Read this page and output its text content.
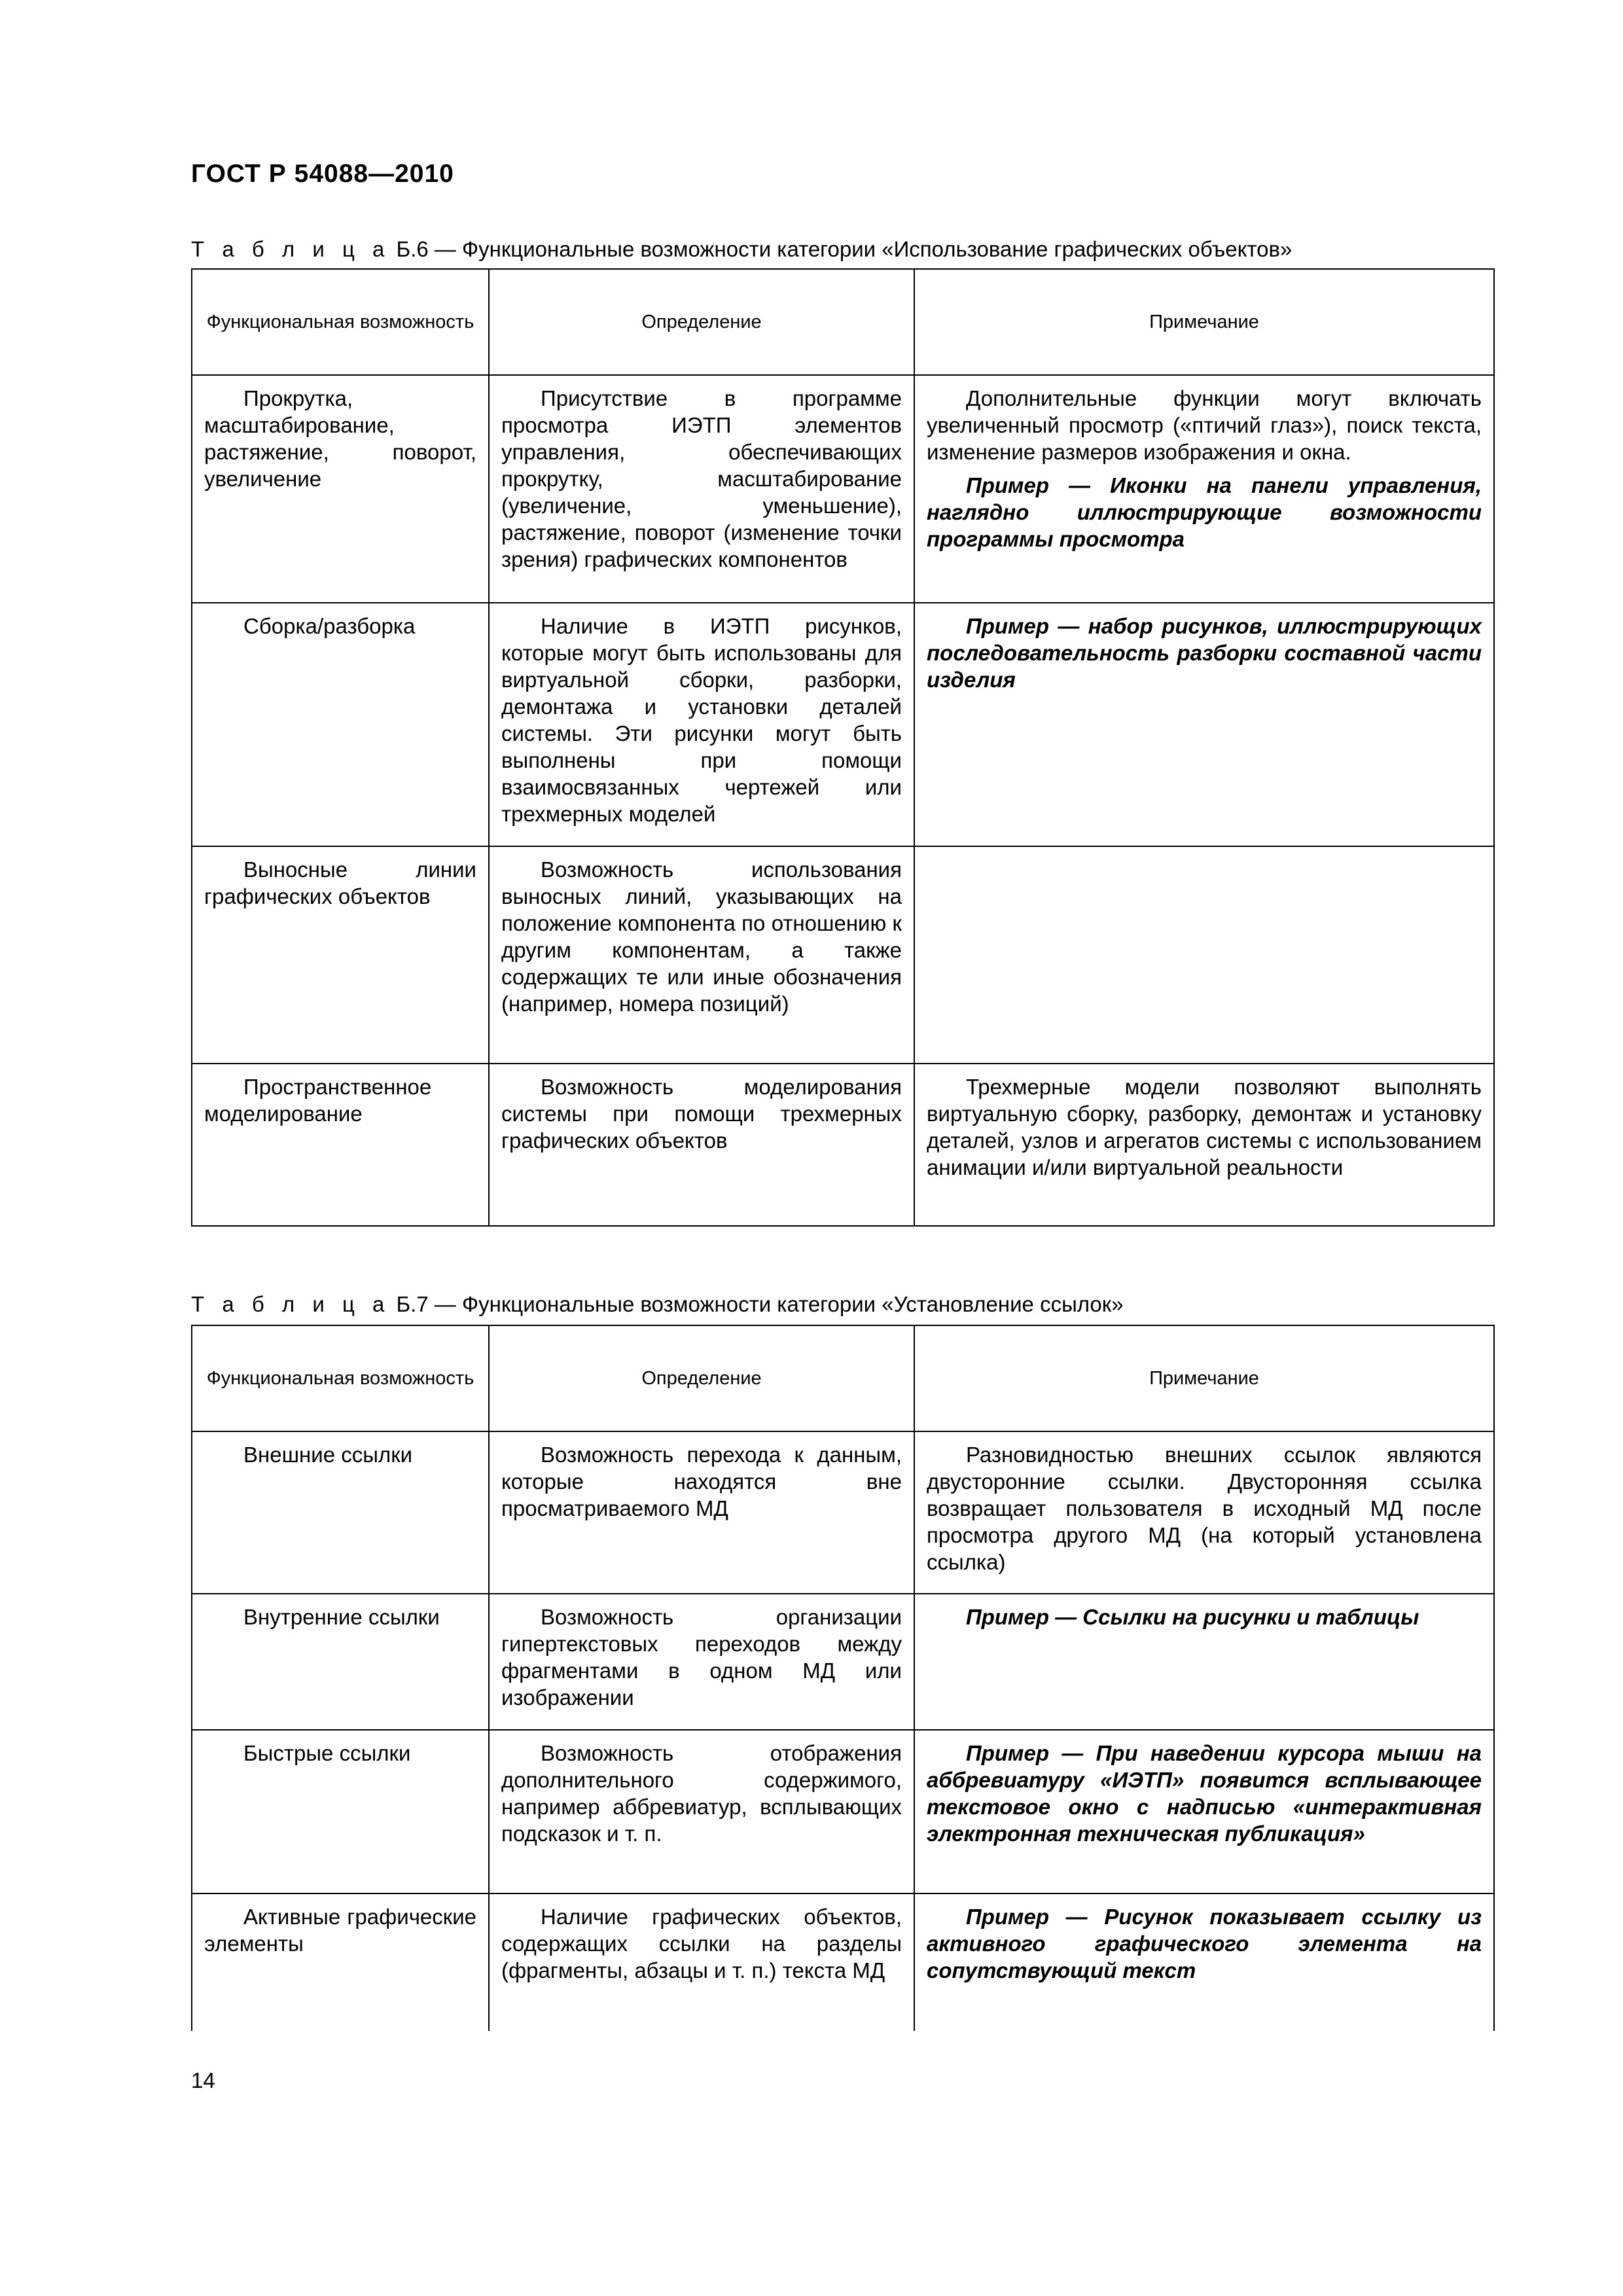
ГОСТ Р 54088—2010
Т а б л и ц а Б.6 — Функциональные возможности категории «Использование графических объектов»
Функциональная возможность	Определение	Примечание
Прокрутка, масштабирование, растяжение, поворот, увеличение	Присутствие в программе просмотра ИЭТП элементов управления, обеспечивающих прокрутку, масштабирование (увеличение, уменьшение), растяжение, поворот (изменение точки зрения) графических компонентов	Дополнительные функции могут включать увеличенный просмотр («птичий глаз»), поиск текста, изменение размеров изображения и окна.

Пример — Иконки на панели управления, наглядно иллюстрирующие возможности программы просмотра

Сборка/разборка	Наличие в ИЭТП рисунков, которые могут быть использованы для виртуальной сборки, разборки, демонтажа и установки деталей системы. Эти рисунки могут быть выполнены при помощи взаимосвязанных чертежей или трехмерных моделей	Пример — набор рисунков, иллюстрирующих последовательность разборки составной части изделия

Выносные линии графических объектов	Возможность использования выносных линий, указывающих на положение компонента по отношению к другим компонентам, а также содержащих те или иные обозначения (например, номера позиций)	
Пространственное моделирование	Возможность моделирования системы при помощи трехмерных графических объектов	Трехмерные модели позволяют выполнять виртуальную сборку, разборку, демонтаж и установку деталей, узлов и агрегатов системы с использованием анимации и/или виртуальной реальности
Т а б л и ц а Б.7 — Функциональные возможности категории «Установление ссылок»
Функциональная возможность	Определение	Примечание
Внешние ссылки	Возможность перехода к данным, которые находятся вне просматриваемого МД	Разновидностью внешних ссылок являются двусторонние ссылки. Двусторонняя ссылка возвращает пользователя в исходный МД после просмотра другого МД (на который установлена ссылка)
Внутренние ссылки	Возможность организации гипертекстовых переходов между фрагментами в одном МД или изображении	Пример — Ссылки на рисунки и таблицы

Быстрые ссылки	Возможность отображения дополнительного содержимого, например аббревиатур, всплывающих подсказок и т. п.	Пример — При наведении курсора мыши на аббревиатуру «ИЭТП» появится всплывающее текстовое окно с надписью «интерактивная электронная техническая публикация»

Активные графические элементы	Наличие графических объектов, содержащих ссылки на разделы (фрагменты, абзацы и т. п.) текста МД	Пример — Рисунок показывает ссылку из активного графического элемента на сопутствующий текст

14
